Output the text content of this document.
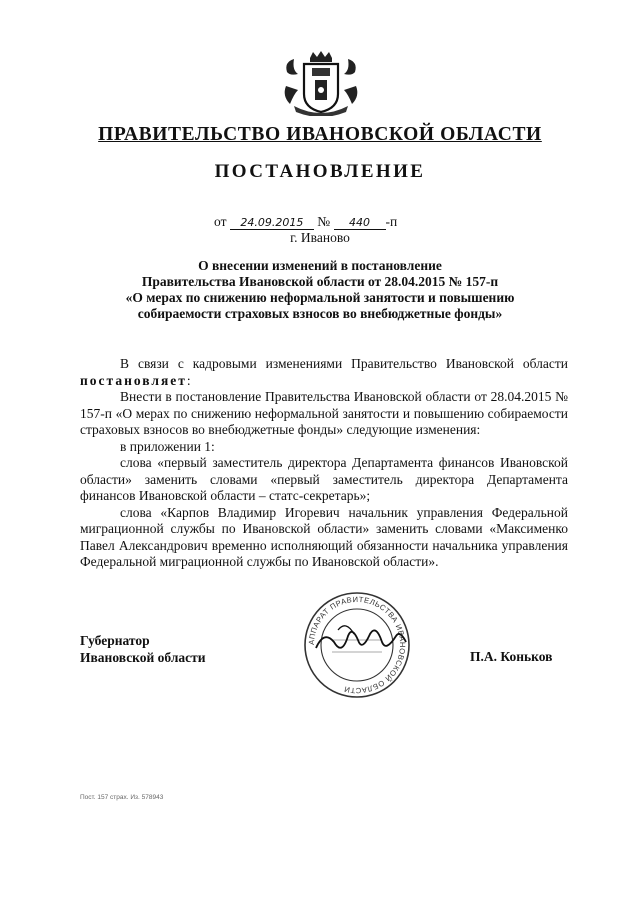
ПРАВИТЕЛЬСТВО ИВАНОВСКОЙ ОБЛАСТИ
ПОСТАНОВЛЕНИЕ
от 24.09.2015 № 440 -п
г. Иваново
О внесении изменений в постановление
Правительства Ивановской области от 28.04.2015 № 157-п
«О мерах по снижению неформальной занятости и повышению
собираемости страховых взносов во внебюджетные фонды»

В связи с кадровыми изменениями Правительство Ивановской области постановляет:

Внести в постановление Правительства Ивановской области от 28.04.2015 № 157-п «О мерах по снижению неформальной занятости и повышению собираемости страховых взносов во внебюджетные фонды» следующие изменения:

в приложении 1:

слова «первый заместитель директора Департамента финансов Ивановской области» заменить словами «первый заместитель директора Департамента финансов Ивановской области – статс-секретарь»;

слова «Карпов Владимир Игоревич начальник управления Федеральной миграционной службы по Ивановской области» заменить словами «Максименко Павел Александрович временно исполняющий обязанности начальника управления Федеральной миграционной службы по Ивановской области».

АППАРАТ ПРАВИТЕЛЬСТВА ИВАНОВСКОЙ ОБЛАСТИ
Губернатор
Ивановской области	П.А. Коньков
Пост. 157 страх. Из. 578943
